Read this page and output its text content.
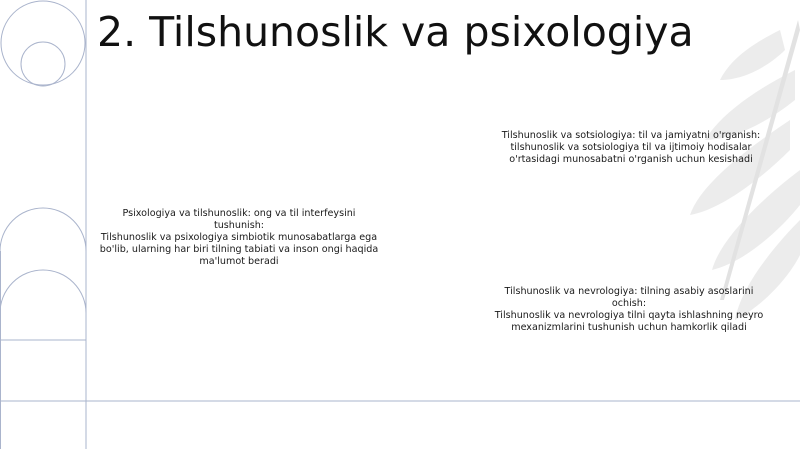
2. Tilshunoslik va psixologiya
Psixologiya va tilshunoslik: ong va til interfeysini tushunish:
Tilshunoslik va psixologiya simbiotik munosabatlarga ega bo'lib, ularning har biri tilning tabiati va inson ongi haqida ma'lumot beradi
Tilshunoslik va sotsiologiya: til va jamiyatni o'rganish:
tilshunoslik va sotsiologiya til va ijtimoiy hodisalar o'rtasidagi munosabatni o'rganish uchun kesishadi
Tilshunoslik va nevrologiya: tilning asabiy asoslarini ochish:
Tilshunoslik va nevrologiya tilni qayta ishlashning neyro mexanizmlarini tushunish uchun hamkorlik qiladi
